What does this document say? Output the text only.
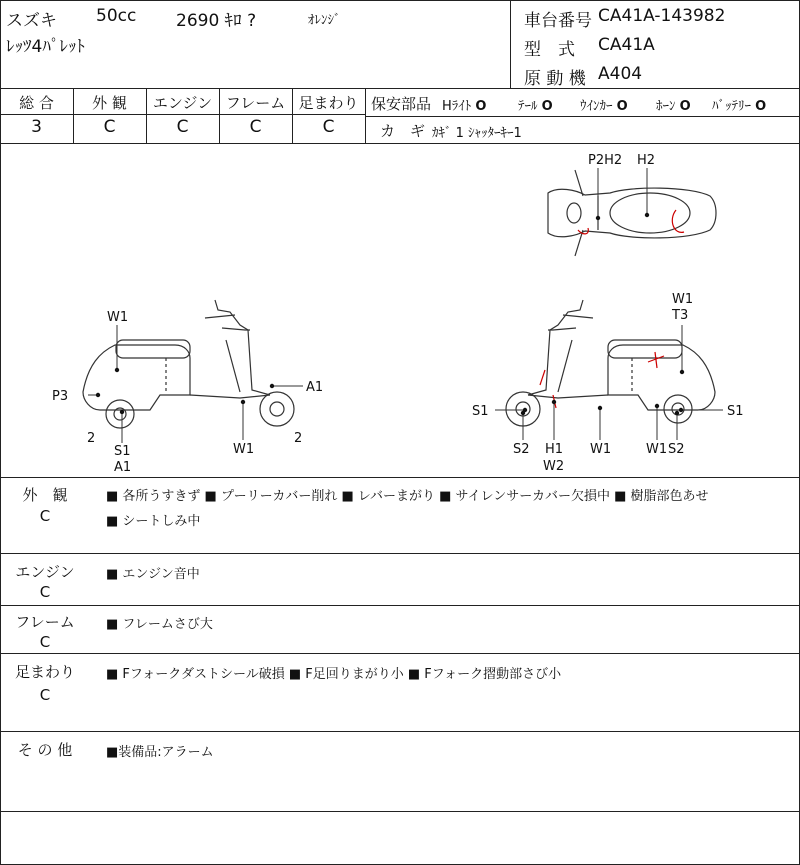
スズキ 50cc 2690 ｷﾛ ?	ｵﾚﾝｼﾞ
ﾚｯﾂ4ﾊﾟﾚｯﾄ
車台番号 CA41A-143982
型　式 CA41A
原 動 機 A404
総 合	外 観	エンジン フレーム 足まわり
3	C	C	C	C
保安部品 Hﾗｲﾄ O ﾃｰﾙ O ｳｲﾝｶｰ O ﾎｰﾝ O ﾊﾞｯﾃﾘｰ O
カ　ギ ｶｷﾞ 1 ｼｬｯﾀｰｷｰ1
P2H2 H2
W1
P3
A1
2	2
S1
A1
W1
W1
T3
S1	S1
S2 H1
W2
W1	W1 S2
外　観
C
■ 各所うすきず ■ プーリーカバー削れ ■ レバーまがり ■ サイレンサーカバー欠損中 ■ 樹脂部色あせ
■ シートしみ中
エンジン
C
■ エンジン音中
フレーム
C
■ フレームさび大
足まわり
C
■ Fフォークダストシール破損 ■ F足回りまがり小 ■ Fフォーク摺動部さび小
そ の 他	■装備品:アラーム
